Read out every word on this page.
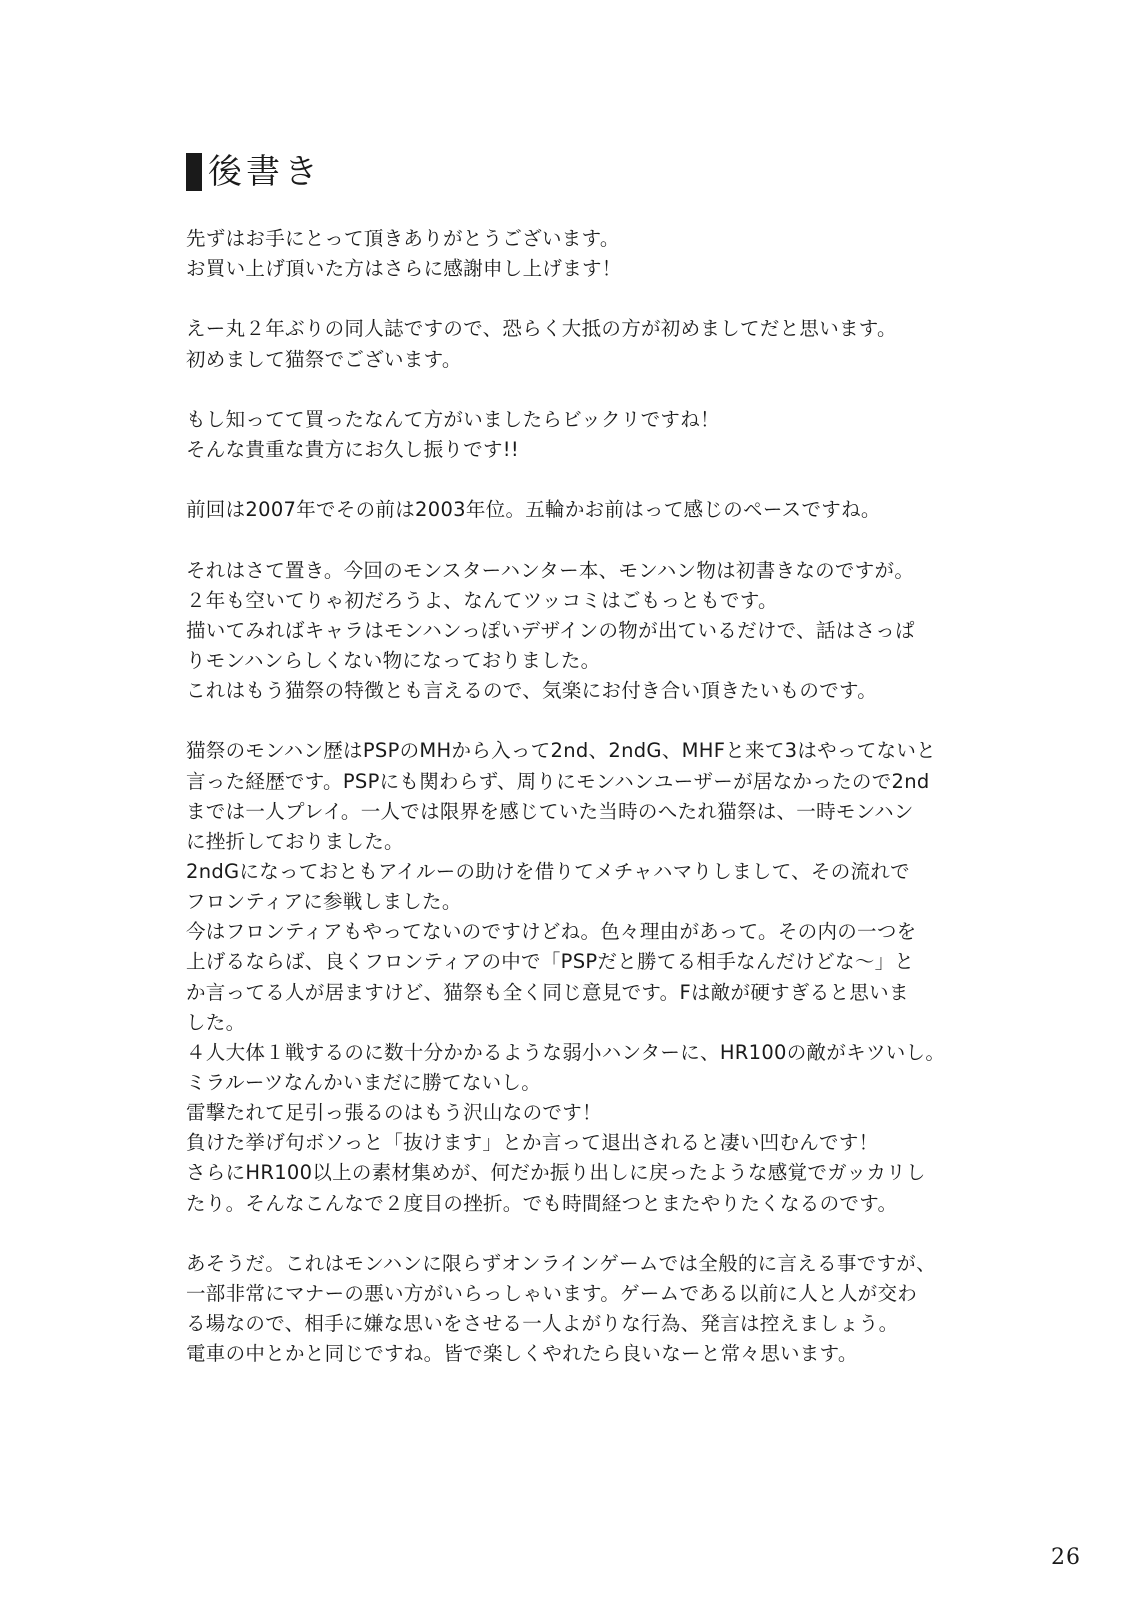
後書き
先ずはお手にとって頂きありがとうございます。
お買い上げ頂いた方はさらに感謝申し上げます！
えー丸２年ぶりの同人誌ですので、恐らく大抵の方が初めましてだと思います。
初めまして猫祭でございます。
もし知ってて買ったなんて方がいましたらビックリですね！
そんな貴重な貴方にお久し振りです!!
前回は2007年でその前は2003年位。五輪かお前はって感じのペースですね。
それはさて置き。今回のモンスターハンター本、モンハン物は初書きなのですが。
２年も空いてりゃ初だろうよ、なんてツッコミはごもっともです。
描いてみればキャラはモンハンっぽいデザインの物が出ているだけで、話はさっぱ
りモンハンらしくない物になっておりました。
これはもう猫祭の特徴とも言えるので、気楽にお付き合い頂きたいものです。
猫祭のモンハン歴はPSPのMHから入って2nd、2ndG、MHFと来て3はやってないと
言った経歴です。PSPにも関わらず、周りにモンハンユーザーが居なかったので2nd
までは一人プレイ。一人では限界を感じていた当時のへたれ猫祭は、一時モンハン
に挫折しておりました。
2ndGになっておともアイルーの助けを借りてメチャハマりしまして、その流れで
フロンティアに参戦しました。
今はフロンティアもやってないのですけどね。色々理由があって。その内の一つを
上げるならば、良くフロンティアの中で「PSPだと勝てる相手なんだけどな〜」と
か言ってる人が居ますけど、猫祭も全く同じ意見です。Fは敵が硬すぎると思いま
した。
４人大体１戦するのに数十分かかるような弱小ハンターに、HR100の敵がキツいし。
ミラルーツなんかいまだに勝てないし。
雷撃たれて足引っ張るのはもう沢山なのです！
負けた挙げ句ボソっと「抜けます」とか言って退出されると凄い凹むんです！
さらにHR100以上の素材集めが、何だか振り出しに戻ったような感覚でガッカリし
たり。そんなこんなで２度目の挫折。でも時間経つとまたやりたくなるのです。
あそうだ。これはモンハンに限らずオンラインゲームでは全般的に言える事ですが、
一部非常にマナーの悪い方がいらっしゃいます。ゲームである以前に人と人が交わ
る場なので、相手に嫌な思いをさせる一人よがりな行為、発言は控えましょう。
電車の中とかと同じですね。皆で楽しくやれたら良いなーと常々思います。
26
